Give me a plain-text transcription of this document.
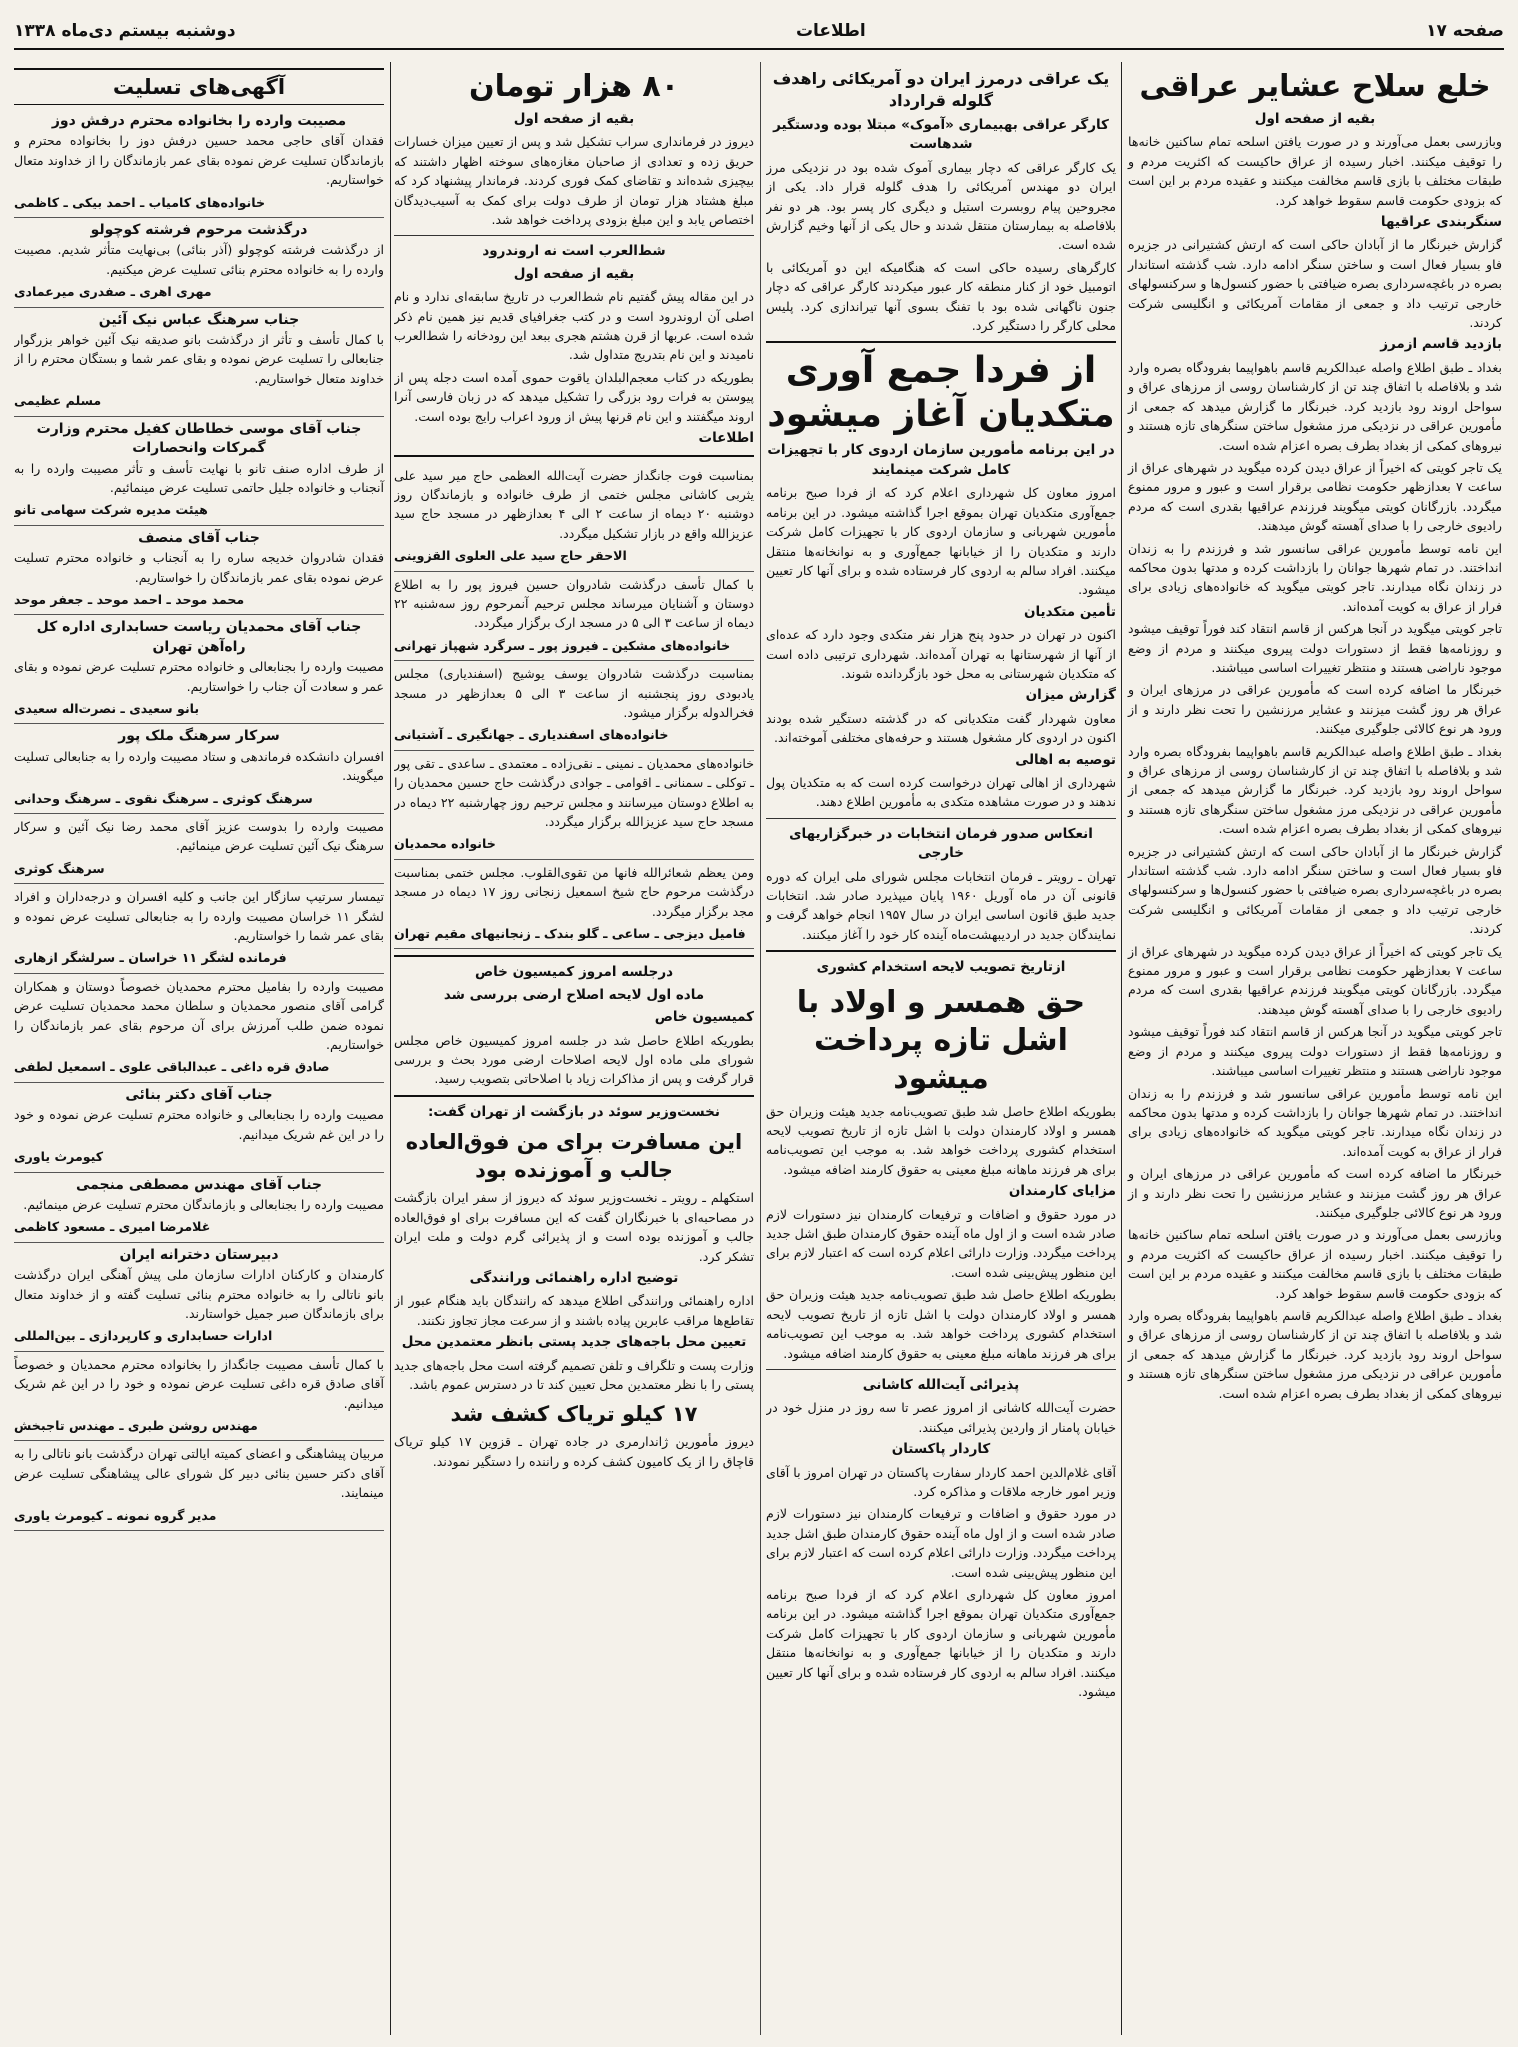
صفحه ۱۷
اطلاعات
دوشنبه بیستم دی‌ماه ۱۳۳۸
خلع سلاح عشایر عراقی
بقیه از صفحه اول

وبازرسی بعمل می‌آورند و در صورت یافتن اسلحه تمام ساکنین خانه‌ها را توقیف میکنند. اخبار رسیده از عراق حاکیست که اکثریت مردم و طبقات مختلف با بازی قاسم مخالفت میکنند و عقیده مردم بر این است که بزودی حکومت قاسم سقوط خواهد کرد.

سنگربندی عراقیها

گزارش خبرنگار ما از آبادان حاکی است که ارتش کشتیرانی در جزیره فاو بسیار فعال است و ساختن سنگر ادامه دارد. شب گذشته استاندار بصره در باغچه‌سرداری بصره ضیافتی با حضور کنسول‌ها و سرکنسولهای خارجی ترتیب داد و جمعی از مقامات آمریکائی و انگلیسی شرکت کردند.

بازدید قاسم ازمرز

بغداد ـ طبق اطلاع واصله عبدالکریم قاسم باهواپیما بفرودگاه بصره وارد شد و بلافاصله با اتفاق چند تن از کارشناسان روسی از مرزهای عراق و سواحل اروند رود بازدید کرد. خبرنگار ما گزارش میدهد که جمعی از مأمورین عراقی در نزدیکی مرز مشغول ساختن سنگرهای تازه هستند و نیروهای کمکی از بغداد بطرف بصره اعزام شده است.

یک تاجر کویتی که اخیراً از عراق دیدن کرده میگوید در شهرهای عراق از ساعت ۷ بعدازظهر حکومت نظامی برقرار است و عبور و مرور ممنوع میگردد. بازرگانان کویتی میگویند فرزندم عراقیها بقدری است که مردم رادیوی خارجی را با صدای آهسته گوش میدهند.

این نامه توسط مأمورین عراقی سانسور شد و فرزندم را به زندان انداختند. در تمام شهرها جوانان را بازداشت کرده و مدتها بدون محاکمه در زندان نگاه میدارند. تاجر کویتی میگوید که خانواده‌های زیادی برای فرار از عراق به کویت آمده‌اند.

تاجر کویتی میگوید در آنجا هرکس از قاسم انتقاد کند فوراً توقیف میشود و روزنامه‌ها فقط از دستورات دولت پیروی میکنند و مردم از وضع موجود ناراضی هستند و منتظر تغییرات اساسی میباشند.

خبرنگار ما اضافه کرده است که مأمورین عراقی در مرزهای ایران و عراق هر روز گشت میزنند و عشایر مرزنشین را تحت نظر دارند و از ورود هر نوع کالائی جلوگیری میکنند.

بغداد ـ طبق اطلاع واصله عبدالکریم قاسم باهواپیما بفرودگاه بصره وارد شد و بلافاصله با اتفاق چند تن از کارشناسان روسی از مرزهای عراق و سواحل اروند رود بازدید کرد. خبرنگار ما گزارش میدهد که جمعی از مأمورین عراقی در نزدیکی مرز مشغول ساختن سنگرهای تازه هستند و نیروهای کمکی از بغداد بطرف بصره اعزام شده است.

گزارش خبرنگار ما از آبادان حاکی است که ارتش کشتیرانی در جزیره فاو بسیار فعال است و ساختن سنگر ادامه دارد. شب گذشته استاندار بصره در باغچه‌سرداری بصره ضیافتی با حضور کنسول‌ها و سرکنسولهای خارجی ترتیب داد و جمعی از مقامات آمریکائی و انگلیسی شرکت کردند.

یک تاجر کویتی که اخیراً از عراق دیدن کرده میگوید در شهرهای عراق از ساعت ۷ بعدازظهر حکومت نظامی برقرار است و عبور و مرور ممنوع میگردد. بازرگانان کویتی میگویند فرزندم عراقیها بقدری است که مردم رادیوی خارجی را با صدای آهسته گوش میدهند.

تاجر کویتی میگوید در آنجا هرکس از قاسم انتقاد کند فوراً توقیف میشود و روزنامه‌ها فقط از دستورات دولت پیروی میکنند و مردم از وضع موجود ناراضی هستند و منتظر تغییرات اساسی میباشند.

این نامه توسط مأمورین عراقی سانسور شد و فرزندم را به زندان انداختند. در تمام شهرها جوانان را بازداشت کرده و مدتها بدون محاکمه در زندان نگاه میدارند. تاجر کویتی میگوید که خانواده‌های زیادی برای فرار از عراق به کویت آمده‌اند.

خبرنگار ما اضافه کرده است که مأمورین عراقی در مرزهای ایران و عراق هر روز گشت میزنند و عشایر مرزنشین را تحت نظر دارند و از ورود هر نوع کالائی جلوگیری میکنند.

وبازرسی بعمل می‌آورند و در صورت یافتن اسلحه تمام ساکنین خانه‌ها را توقیف میکنند. اخبار رسیده از عراق حاکیست که اکثریت مردم و طبقات مختلف با بازی قاسم مخالفت میکنند و عقیده مردم بر این است که بزودی حکومت قاسم سقوط خواهد کرد.

بغداد ـ طبق اطلاع واصله عبدالکریم قاسم باهواپیما بفرودگاه بصره وارد شد و بلافاصله با اتفاق چند تن از کارشناسان روسی از مرزهای عراق و سواحل اروند رود بازدید کرد. خبرنگار ما گزارش میدهد که جمعی از مأمورین عراقی در نزدیکی مرز مشغول ساختن سنگرهای تازه هستند و نیروهای کمکی از بغداد بطرف بصره اعزام شده است.

یک عراقی درمرز ایران دو آمریکائی راهدف گلوله قرارداد
کارگر عراقی بهبیماری «آموک» مبتلا بوده ودستگیر شدهاست

یک کارگر عراقی که دچار بیماری آموک شده بود در نزدیکی مرز ایران دو مهندس آمریکائی را هدف گلوله قرار داد. یکی از مجروحین پیام روبسرت استیل و دیگری کار پسر بود. هر دو نفر بلافاصله به بیمارستان منتقل شدند و حال یکی از آنها وخیم گزارش شده است.

کارگرهای رسیده حاکی است که هنگامیکه این دو آمریکائی با اتومبیل خود از کنار منطقه کار عبور میکردند کارگر عراقی که دچار جنون ناگهانی شده بود با تفنگ بسوی آنها تیراندازی کرد. پلیس محلی کارگر را دستگیر کرد.

از فردا جمع آوری متکدیان آغاز میشود
در این برنامه مأمورین سازمان اردوی کار با تجهیزات کامل شرکت مینمایند

امروز معاون کل شهرداری اعلام کرد که از فردا صبح برنامه جمع‌آوری متکدیان تهران بموقع اجرا گذاشته میشود. در این برنامه مأمورین شهربانی و سازمان اردوی کار با تجهیزات کامل شرکت دارند و متکدیان را از خیابانها جمع‌آوری و به نوانخانه‌ها منتقل میکنند. افراد سالم به اردوی کار فرستاده شده و برای آنها کار تعیین میشود.

تأمین متکدیان

اکنون در تهران در حدود پنج هزار نفر متکدی وجود دارد که عده‌ای از آنها از شهرستانها به تهران آمده‌اند. شهرداری ترتیبی داده است که متکدیان شهرستانی به محل خود بازگردانده شوند.

گزارش میزان

معاون شهردار گفت متکدیانی که در گذشته دستگیر شده بودند اکنون در اردوی کار مشغول هستند و حرفه‌های مختلفی آموخته‌اند.

توصیه به اهالی

شهرداری از اهالی تهران درخواست کرده است که به متکدیان پول ندهند و در صورت مشاهده متکدی به مأمورین اطلاع دهند.

انعکاس صدور فرمان انتخابات در خبرگزاریهای خارجی

تهران ـ رویتر ـ فرمان انتخابات مجلس شورای ملی ایران که دوره قانونی آن در ماه آوریل ۱۹۶۰ پایان میپذیرد صادر شد. انتخابات جدید طبق قانون اساسی ایران در سال ۱۹۵۷ انجام خواهد گرفت و نمایندگان جدید در اردیبهشت‌ماه آینده کار خود را آغاز میکنند.

ازتاریخ تصویب لایحه استخدام کشوری
حق همسر و اولاد با اشل تازه پرداخت میشود

بطوریکه اطلاع حاصل شد طبق تصویب‌نامه جدید هیئت وزیران حق همسر و اولاد کارمندان دولت با اشل تازه از تاریخ تصویب لایحه استخدام کشوری پرداخت خواهد شد. به موجب این تصویب‌نامه برای هر فرزند ماهانه مبلغ معینی به حقوق کارمند اضافه میشود.

مزایای کارمندان

در مورد حقوق و اضافات و ترفیعات کارمندان نیز دستورات لازم صادر شده است و از اول ماه آینده حقوق کارمندان طبق اشل جدید پرداخت میگردد. وزارت دارائی اعلام کرده است که اعتبار لازم برای این منظور پیش‌بینی شده است.

بطوریکه اطلاع حاصل شد طبق تصویب‌نامه جدید هیئت وزیران حق همسر و اولاد کارمندان دولت با اشل تازه از تاریخ تصویب لایحه استخدام کشوری پرداخت خواهد شد. به موجب این تصویب‌نامه برای هر فرزند ماهانه مبلغ معینی به حقوق کارمند اضافه میشود.

پذیرائی آیت‌الله کاشانی

حضرت آیت‌الله کاشانی از امروز عصر تا سه روز در منزل خود در خیابان پامنار از واردین پذیرائی میکنند.

کاردار پاکستان

آقای غلام‌الدین احمد کاردار سفارت پاکستان در تهران امروز با آقای وزیر امور خارجه ملاقات و مذاکره کرد.

در مورد حقوق و اضافات و ترفیعات کارمندان نیز دستورات لازم صادر شده است و از اول ماه آینده حقوق کارمندان طبق اشل جدید پرداخت میگردد. وزارت دارائی اعلام کرده است که اعتبار لازم برای این منظور پیش‌بینی شده است.

امروز معاون کل شهرداری اعلام کرد که از فردا صبح برنامه جمع‌آوری متکدیان تهران بموقع اجرا گذاشته میشود. در این برنامه مأمورین شهربانی و سازمان اردوی کار با تجهیزات کامل شرکت دارند و متکدیان را از خیابانها جمع‌آوری و به نوانخانه‌ها منتقل میکنند. افراد سالم به اردوی کار فرستاده شده و برای آنها کار تعیین میشود.

۸۰ هزار تومان
بقیه از صفحه اول

دیروز در فرمانداری سراب تشکیل شد و پس از تعیین میزان خسارات حریق زده و تعدادی از صاحبان مغازه‌های سوخته اظهار داشتند که بیچیزی شده‌اند و تقاضای کمک فوری کردند. فرماندار پیشنهاد کرد که مبلغ هشتاد هزار تومان از طرف دولت برای کمک به آسیب‌دیدگان اختصاص یابد و این مبلغ بزودی پرداخت خواهد شد.

شط‌العرب است نه اروندرود
بقیه از صفحه اول

در این مقاله پیش گفتیم نام شط‌العرب در تاریخ سابقه‌ای ندارد و نام اصلی آن اروندرود است و در کتب جغرافیای قدیم نیز همین نام ذکر شده است. عربها از قرن هشتم هجری ببعد این رودخانه را شط‌العرب نامیدند و این نام بتدریج متداول شد.

بطوریکه در کتاب معجم‌البلدان یاقوت حموی آمده است دجله پس از پیوستن به فرات رود بزرگی را تشکیل میدهد که در زبان فارسی آنرا اروند میگفتند و این نام قرنها پیش از ورود اعراب رایج بوده است.

اطلاعات

بمناسبت فوت جانگداز حضرت آیت‌الله العظمی حاج میر سید علی یثربی کاشانی مجلس ختمی از طرف خانواده و بازماندگان روز دوشنبه ۲۰ دیماه از ساعت ۲ الی ۴ بعدازظهر در مسجد حاج سید عزیزالله واقع در بازار تشکیل میگردد.

الاحقر حاج سید علی العلوی القزوینی

با کمال تأسف درگذشت شادروان حسین فیروز پور را به اطلاع دوستان و آشنایان میرساند مجلس ترحیم آنمرحوم روز سه‌شنبه ۲۲ دیماه از ساعت ۳ الی ۵ در مسجد ارک برگزار میگردد.

خانواده‌های مشکین ـ فیروز پور ـ سرگرد شهپاز تهرانی

بمناسبت درگذشت شادروان یوسف یوشیج (اسفندیاری) مجلس یادبودی روز پنجشنبه از ساعت ۳ الی ۵ بعدازظهر در مسجد فخرالدوله برگزار میشود.

خانواده‌های اسفندیاری ـ جهانگیری ـ آشتیانی

خانواده‌های محمدیان ـ نمینی ـ نقی‌زاده ـ معتمدی ـ ساعدی ـ تقی پور ـ توکلی ـ سمنانی ـ اقوامی ـ جوادی درگذشت حاج حسین محمدیان را به اطلاع دوستان میرسانند و مجلس ترحیم روز چهارشنبه ۲۲ دیماه در مسجد حاج سید عزیزالله برگزار میگردد.

خانواده محمدیان

ومن یعظم شعائرالله فانها من تقوی‌القلوب. مجلس ختمی بمناسبت درگذشت مرحوم حاج شیخ اسمعیل زنجانی روز ۱۷ دیماه در مسجد مجد برگزار میگردد.

فامیل دیزجی ـ ساعی ـ گلو بندک ـ زنجانیهای مقیم تهران
درجلسه امروز کمیسیون خاص
ماده اول لایحه اصلاح ارضی بررسی شد
کمیسیون خاص

بطوریکه اطلاع حاصل شد در جلسه امروز کمیسیون خاص مجلس شورای ملی ماده اول لایحه اصلاحات ارضی مورد بحث و بررسی قرار گرفت و پس از مذاکرات زیاد با اصلاحاتی بتصویب رسید.

نخست‌وزیر سوئد در بازگشت از تهران گفت:
این مسافرت برای من فوق‌العاده جالب و آموزنده بود

استکهلم ـ رویتر ـ نخست‌وزیر سوئد که دیروز از سفر ایران بازگشت در مصاحبه‌ای با خبرنگاران گفت که این مسافرت برای او فوق‌العاده جالب و آموزنده بوده است و از پذیرائی گرم دولت و ملت ایران تشکر کرد.

توضیح اداره راهنمائی ورانندگی

اداره راهنمائی ورانندگی اطلاع میدهد که رانندگان باید هنگام عبور از تقاطع‌ها مراقب عابرین پیاده باشند و از سرعت مجاز تجاوز نکنند.

تعیین محل باجه‌های جدید پستی بانظر معتمدین محل

وزارت پست و تلگراف و تلفن تصمیم گرفته است محل باجه‌های جدید پستی را با نظر معتمدین محل تعیین کند تا در دسترس عموم باشد.

۱۷ کیلو تریاک کشف شد

دیروز مأمورین ژاندارمری در جاده تهران ـ قزوین ۱۷ کیلو تریاک قاچاق را از یک کامیون کشف کرده و راننده را دستگیر نمودند.

آگهی‌های تسلیت
مصیبت وارده را بخانواده محترم درفش دوز

فقدان آقای حاجی محمد حسین درفش دوز را بخانواده محترم و بازماندگان تسلیت عرض نموده بقای عمر بازماندگان را از خداوند متعال خواستاریم.

خانواده‌های کامیاب ـ احمد بیکی ـ کاظمی
درگذشت مرحوم فرشته کوچولو

از درگذشت فرشته کوچولو (آذر بنائی) بی‌نهایت متأثر شدیم. مصیبت وارده را به خانواده محترم بنائی تسلیت عرض میکنیم.

مهری اهری ـ صفدری میرعمادی
جناب سرهنگ عباس نیک آئین

با کمال تأسف و تأثر از درگذشت بانو صدیقه نیک آئین خواهر بزرگوار جنابعالی را تسلیت عرض نموده و بقای عمر شما و بستگان محترم را از خداوند متعال خواستاریم.

مسلم عظیمی
جناب آقای موسی خطاطان کفیل محترم وزارت گمرکات وانحصارات

از طرف اداره صنف تانو با نهایت تأسف و تأثر مصیبت وارده را به آنجناب و خانواده جلیل حاتمی تسلیت عرض مینمائیم.

هیئت مدیره شرکت سهامی تانو
جناب آقای منصف

فقدان شادروان خدیجه ساره را به آنجناب و خانواده محترم تسلیت عرض نموده بقای عمر بازماندگان را خواستاریم.

محمد موحد ـ احمد موحد ـ جعفر موحد
جناب آقای محمدیان ریاست حسابداری اداره کل راه‌آهن تهران

مصیبت وارده را بجنابعالی و خانواده محترم تسلیت عرض نموده و بقای عمر و سعادت آن جناب را خواستاریم.

بانو سعیدی ـ نصرت‌اله سعیدی
سرکار سرهنگ ملک پور

افسران دانشکده فرماندهی و ستاد مصیبت وارده را به جنابعالی تسلیت میگویند.

سرهنگ کوثری ـ سرهنگ نقوی ـ سرهنگ وحدانی

مصیبت وارده را بدوست عزیز آقای محمد رضا نیک آئین و سرکار سرهنگ نیک آئین تسلیت عرض مینمائیم.

سرهنگ کوثری

تیمسار سرتیپ سازگار این جانب و کلیه افسران و درجه‌داران و افراد لشگر ۱۱ خراسان مصیبت وارده را به جنابعالی تسلیت عرض نموده و بقای عمر شما را خواستاریم.

فرمانده لشگر ۱۱ خراسان ـ سرلشگر ازهاری

مصیبت وارده را بفامیل محترم محمدیان خصوصاً دوستان و همکاران گرامی آقای منصور محمدیان و سلطان محمد محمدیان تسلیت عرض نموده ضمن طلب آمرزش برای آن مرحوم بقای عمر بازماندگان را خواستاریم.

صادق قره داغی ـ عبدالباقی علوی ـ اسمعیل لطفی
جناب آقای دکتر بنائی

مصیبت وارده را بجنابعالی و خانواده محترم تسلیت عرض نموده و خود را در این غم شریک میدانیم.

کیومرث یاوری
جناب آقای مهندس مصطفی منجمی

مصیبت وارده را بجنابعالی و بازماندگان محترم تسلیت عرض مینمائیم.

غلامرضا امیری ـ مسعود کاظمی
دبیرستان دخترانه ایران

کارمندان و کارکنان ادارات سازمان ملی پیش آهنگی ایران درگذشت بانو ناتالی را به خانواده محترم بنائی تسلیت گفته و از خداوند متعال برای بازماندگان صبر جمیل خواستارند.

ادارات حسابداری و کارپردازی ـ بین‌المللی

با کمال تأسف مصیبت جانگداز را بخانواده محترم محمدیان و خصوصاً آقای صادق قره داغی تسلیت عرض نموده و خود را در این غم شریک میدانیم.

مهندس روشن طبری ـ مهندس تاجبخش

مربیان پیشاهنگی و اعضای کمیته ایالتی تهران درگذشت بانو ناتالی را به آقای دکتر حسین بنائی دبیر کل شورای عالی پیشاهنگی تسلیت عرض مینمایند.

مدیر گروه نمونه ـ کیومرث یاوری
